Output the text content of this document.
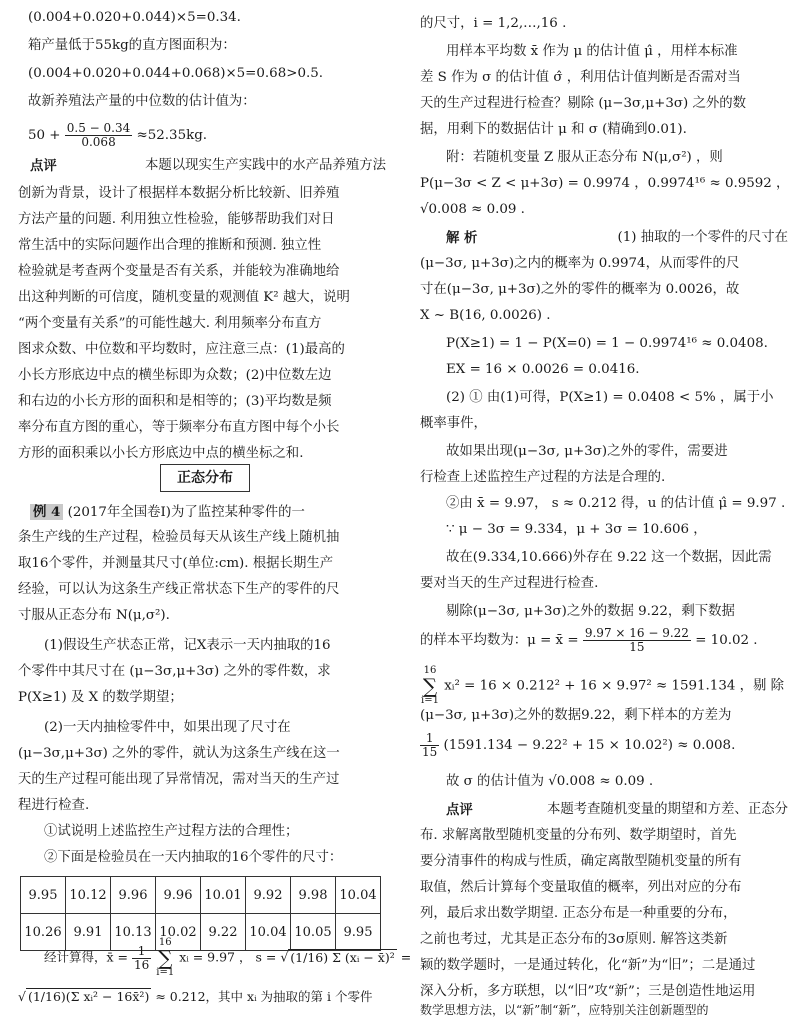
(0.004+0.020+0.044)×5=0.34.
箱产量低于55kg的直方图面积为：
(0.004+0.020+0.044+0.068)×5=0.68>0.5.
故新养殖法产量的中位数的估计值为：
$50 + \frac{0.5 - 0.34}{0.068} \approx 52.35kg$.
点评	本题以现实生产实践中的水产品养殖方法
创新为背景，设计了根据样本数据分析比较新、旧养殖
方法产量的问题. 利用独立性检验，能够帮助我们对日
常生活中的实际问题作出合理的推断和预测. 独立性
检验就是考查两个变量是否有关系，并能较为准确地给
出这种判断的可信度，随机变量的观测值 K² 越大，说明
“两个变量有关系”的可能性越大. 利用频率分布直方
图求众数、中位数和平均数时，应注意三点：(1)最高的
小长方形底边中点的横坐标即为众数；(2)中位数左边
和右边的小长方形的面积和是相等的；(3)平均数是频
率分布直方图的重心，等于频率分布直方图中每个小长
方形的面积乘以小长方形底边中点的横坐标之和.
正态分布
例 4 (2017年全国卷Ⅰ)为了监控某种零件的一
条生产线的生产过程，检验员每天从该生产线上随机抽
取16个零件，并测量其尺寸(单位:cm). 根据长期生产
经验，可以认为这条生产线正常状态下生产的零件的尺
寸服从正态分布 N(μ,σ²).
(1)假设生产状态正常，记X表示一天内抽取的16
个零件中其尺寸在 (μ−3σ,μ+3σ) 之外的零件数，求
P(X≥1) 及 X 的数学期望；
(2)一天内抽检零件中，如果出现了尺寸在
(μ−3σ,μ+3σ) 之外的零件，就认为这条生产线在这一
天的生产过程可能出现了异常情况，需对当天的生产过
程进行检查.
①试说明上述监控生产过程方法的合理性；
②下面是检验员在一天内抽取的16个零件的尺寸：
9.95	10.12	9.96	9.96	10.01	9.92	9.98	10.04
10.26	9.91	10.13	10.02	9.22	10.04	10.05	9.95
经计算得，x̄ = $\frac{1}{16}$
16
∑
i=1 xᵢ = 9.97 ， s = √ (1/16) Σ (xᵢ − x̄)² =
√ (1/16)(Σ xᵢ² − 16x̄²) ≈ 0.212，其中 xᵢ 为抽取的第 i 个零件
的尺寸，i = 1,2,…,16 .
用样本平均数 x̄ 作为 μ 的估计值 μ̂ ，用样本标准
差 S 作为 σ 的估计值 σ̂ ，利用估计值判断是否需对当
天的生产过程进行检查？剔除 (μ−3σ,μ+3σ) 之外的数
据，用剩下的数据估计 μ 和 σ (精确到0.01).
附：若随机变量 Z 服从正态分布 N(μ,σ²) ，则
P(μ−3σ < Z < μ+3σ) = 0.9974 ，0.9974¹⁶ ≈ 0.9592 ，
√0.008 ≈ 0.09 .
解 析	(1) 抽取的一个零件的尺寸在
(μ−3σ, μ+3σ)之内的概率为 0.9974，从而零件的尺
寸在(μ−3σ, μ+3σ)之外的零件的概率为 0.0026，故
X ~ B(16, 0.0026) .
P(X≥1) = 1 − P(X=0) = 1 − 0.9974¹⁶ ≈ 0.0408.
EX = 16 × 0.0026 = 0.0416.
(2) ① 由(1)可得，P(X≥1) = 0.0408 < 5% ，属于小
概率事件，
故如果出现(μ−3σ, μ+3σ)之外的零件，需要进
行检查上述监控生产过程的方法是合理的.
②由 x̄ = 9.97， s ≈ 0.212 得，u 的估计值 μ̂ = 9.97 .
∵ μ − 3σ = 9.334，μ + 3σ = 10.606 ，
故在(9.334,10.666)外存在 9.22 这一个数据，因此需
要对当天的生产过程进行检查.
剔除(μ−3σ, μ+3σ)之外的数据 9.22，剩下数据
的样本平均数为：μ = x̄ = $\frac{9.97 \times 16 - 9.22}{15} = 10.02$ .
16
∑
i=1 xᵢ² = 16 × 0.212² + 16 × 9.97² ≈ 1591.134 ，剔 除
(μ−3σ, μ+3σ)之外的数据9.22，剩下样本的方差为
$\frac{1}{15} (1591.134 - 9.22^2 + 15 \times 10.02^2) \approx 0.008$.
故 σ 的估计值为 √0.008 ≈ 0.09 .
点评	本题考查随机变量的期望和方差、正态分
布. 求解离散型随机变量的分布列、数学期望时，首先
要分清事件的构成与性质，确定离散型随机变量的所有
取值，然后计算每个变量取值的概率，列出对应的分布
列，最后求出数学期望. 正态分布是一种重要的分布，
之前也考过，尤其是正态分布的3σ原则. 解答这类新
颖的数学题时，一是通过转化，化“新”为“旧”；二是通过
深入分析，多方联想，以“旧”攻“新”；三是创造性地运用
数学思想方法，以“新”制“新”，应特别关注创新题型的
